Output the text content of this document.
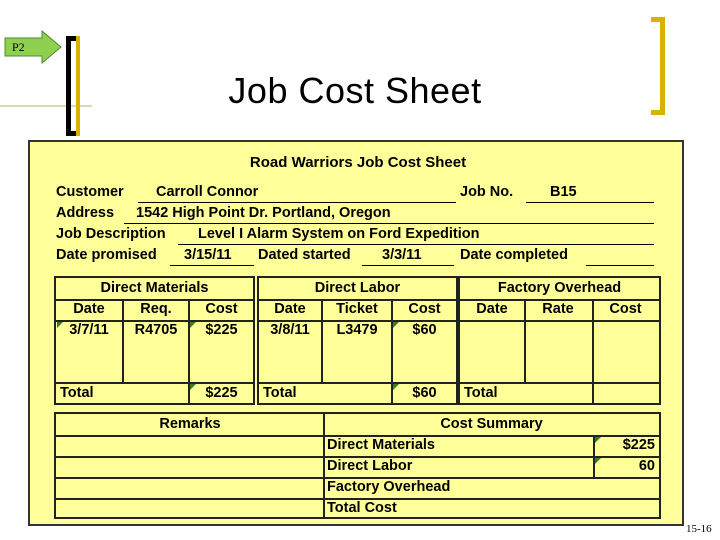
P2
Job Cost Sheet
Road Warriors Job Cost Sheet
Customer	Carroll Connor	Job No.	B15
Address	1542 High Point Dr. Portland, Oregon
Job Description	Level I Alarm System on Ford Expedition
Date promised	3/15/11	Dated started	3/3/11	Date completed
Direct Materials
Date	Req.	Cost
3/7/11	R4705	$225
Total	$225
Direct Labor
Date	Ticket	Cost
3/8/11	L3479	$60
Total	$60
Factory Overhead
Date	Rate	Cost
Total
Remarks	Cost Summary
Direct Materials	$225
Direct Labor	60
Factory Overhead
Total Cost
15-16
